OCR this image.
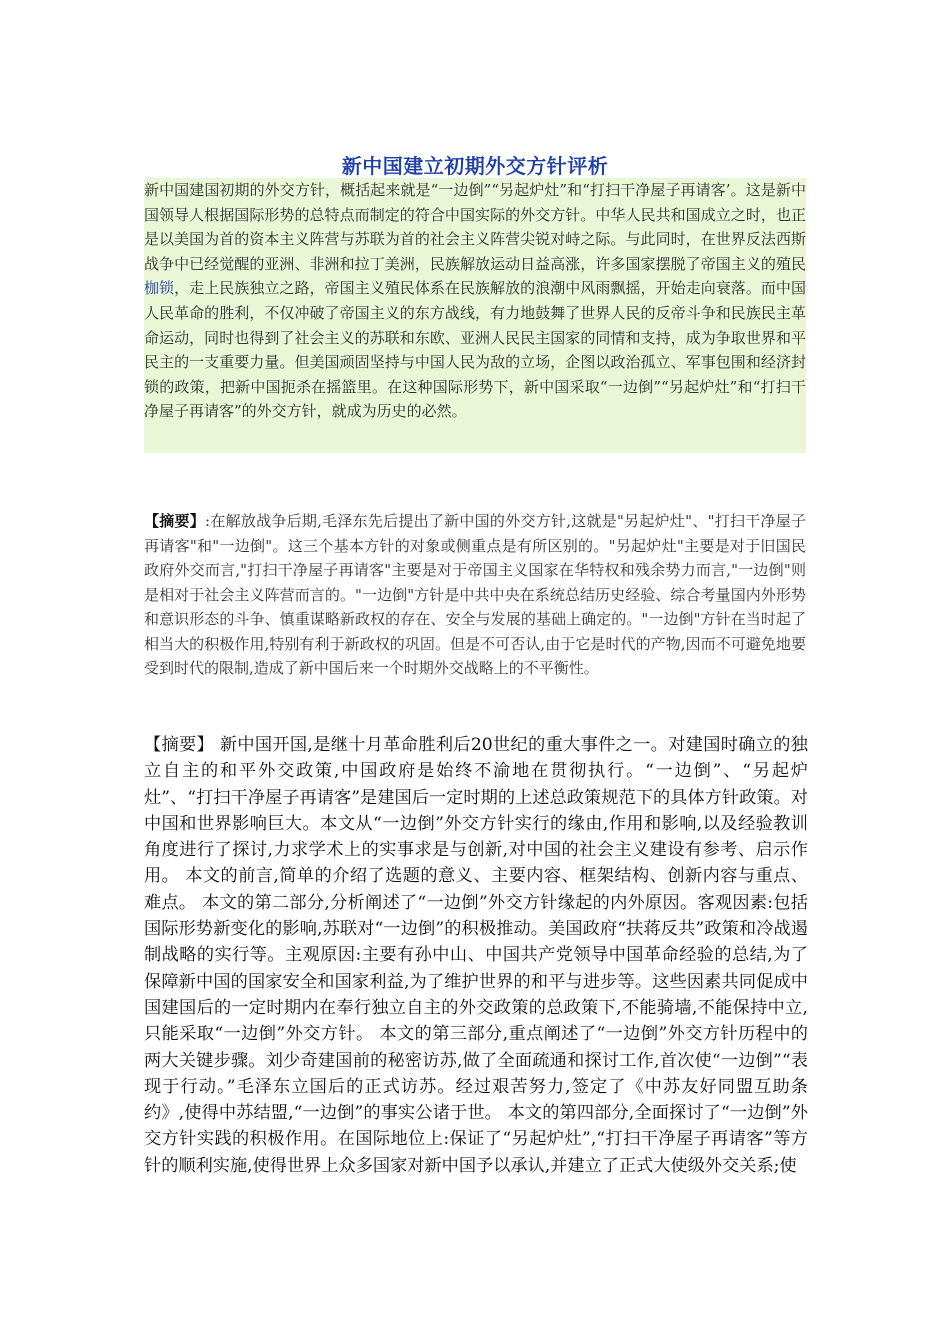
新中国建立初期外交方针评析
新中国建国初期的外交方针，概括起来就是“一边倒”“另起炉灶”和“打扫干净屋子再请客’。这是新中国领导人根据国际形势的总特点而制定的符合中国实际的外交方针。中华人民共和国成立之时，也正是以美国为首的资本主义阵营与苏联为首的社会主义阵营尖锐对峙之际。与此同时，在世界反法西斯战争中已经觉醒的亚洲、非洲和拉丁美洲，民族解放运动日益高涨，许多国家摆脱了帝国主义的殖民枷锁，走上民族独立之路，帝国主义殖民体系在民族解放的浪潮中风雨飘摇，开始走向衰落。而中国人民革命的胜利，不仅冲破了帝国主义的东方战线，有力地鼓舞了世界人民的反帝斗争和民族民主革命运动，同时也得到了社会主义的苏联和东欧、亚洲人民民主国家的同情和支持，成为争取世界和平民主的一支重要力量。但美国顽固坚持与中国人民为敌的立场，企图以政治孤立、军事包围和经济封锁的政策，把新中国扼杀在摇篮里。在这种国际形势下，新中国采取“一边倒”“另起炉灶”和“打扫干净屋子再请客”的外交方针，就成为历史的必然。
【摘要】:在解放战争后期,毛泽东先后提出了新中国的外交方针,这就是"另起炉灶"、"打扫干净屋子再请客"和"一边倒"。这三个基本方针的对象或侧重点是有所区别的。"另起炉灶"主要是对于旧国民政府外交而言,"打扫干净屋子再请客"主要是对于帝国主义国家在华特权和残余势力而言,"一边倒"则是相对于社会主义阵营而言的。"一边倒"方针是中共中央在系统总结历史经验、综合考量国内外形势和意识形态的斗争、慎重谋略新政权的存在、安全与发展的基础上确定的。"一边倒"方针在当时起了相当大的积极作用,特别有利于新政权的巩固。但是不可否认,由于它是时代的产物,因而不可避免地要受到时代的限制,造成了新中国后来一个时期外交战略上的不平衡性。
【摘要】 新中国开国,是继十月革命胜利后20世纪的重大事件之一。对建国时确立的独立自主的和平外交政策,中国政府是始终不渝地在贯彻执行。“一边倒”、“另起炉灶”、“打扫干净屋子再请客”是建国后一定时期的上述总政策规范下的具体方针政策。对中国和世界影响巨大。本文从“一边倒”外交方针实行的缘由,作用和影响,以及经验教训角度进行了探讨,力求学术上的实事求是与创新,对中国的社会主义建设有参考、启示作用。 本文的前言,简单的介绍了选题的意义、主要内容、框架结构、创新内容与重点、难点。 本文的第二部分,分析阐述了“一边倒”外交方针缘起的内外原因。客观因素:包括国际形势新变化的影响,苏联对“一边倒”的积极推动。美国政府“扶蒋反共”政策和冷战遏制战略的实行等。主观原因:主要有孙中山、中国共产党领导中国革命经验的总结,为了保障新中国的国家安全和国家利益,为了维护世界的和平与进步等。这些因素共同促成中国建国后的一定时期内在奉行独立自主的外交政策的总政策下,不能骑墙,不能保持中立,只能采取“一边倒”外交方针。 本文的第三部分,重点阐述了“一边倒”外交方针历程中的两大关键步骤。刘少奇建国前的秘密访苏,做了全面疏通和探讨工作,首次使“一边倒”“表现于行动。”毛泽东立国后的正式访苏。经过艰苦努力,签定了《中苏友好同盟互助条约》,使得中苏结盟,“一边倒”的事实公诸于世。 本文的第四部分,全面探讨了“一边倒”外交方针实践的积极作用。在国际地位上:保证了“另起炉灶”,“打扫干净屋子再请客”等方针的顺利实施,使得世界上众多国家对新中国予以承认,并建立了正式大使级外交关系;使
